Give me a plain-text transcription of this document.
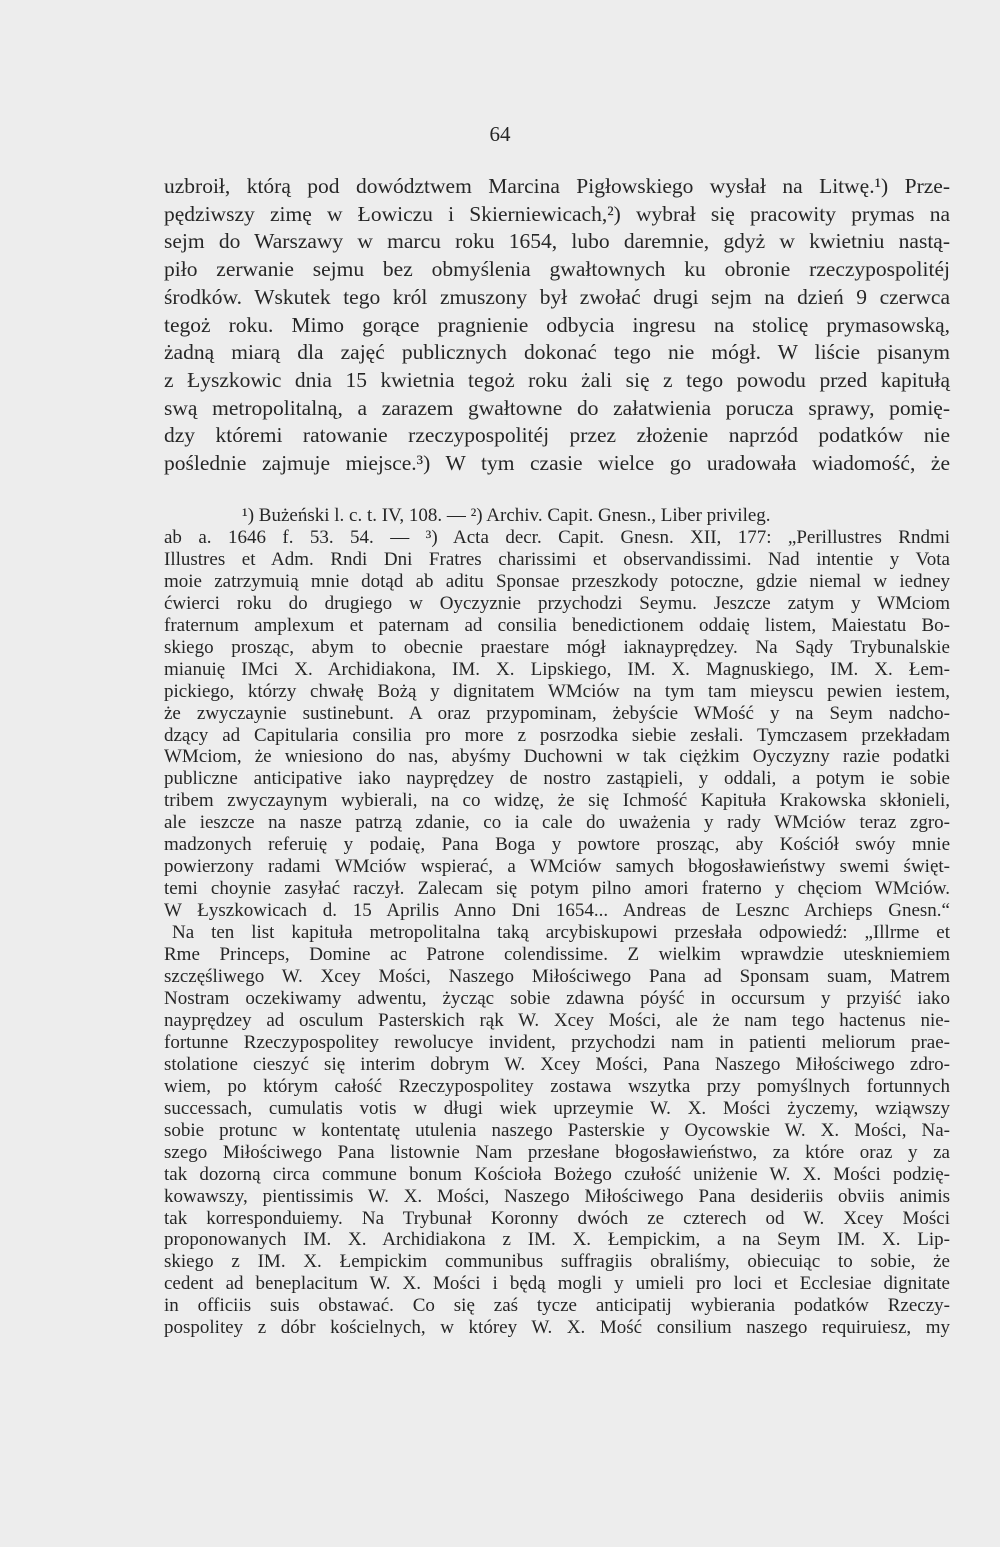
64
uzbroił, którą pod dowództwem Marcina Pigłowskiego wysłał na Litwę.¹) Prze-
pędziwszy zimę w Łowiczu i Skierniewicach,²) wybrał się pracowity prymas na
sejm do Warszawy w marcu roku 1654, lubo daremnie, gdyż w kwietniu nastą-
piło zerwanie sejmu bez obmyślenia gwałtownych ku obronie rzeczypospolitéj
środków. Wskutek tego król zmuszony był zwołać drugi sejm na dzień 9 czerwca
tegoż roku. Mimo gorące pragnienie odbycia ingresu na stolicę prymasowską,
żadną miarą dla zajęć publicznych dokonać tego nie mógł. W liście pisanym
z Łyszkowic dnia 15 kwietnia tegoż roku żali się z tego powodu przed kapitułą
swą metropolitalną, a zarazem gwałtowne do załatwienia porucza sprawy, pomię-
dzy któremi ratowanie rzeczypospolitéj przez złożenie naprzód podatków nie
poślednie zajmuje miejsce.³) W tym czasie wielce go uradowała wiadomość, że
¹) Bużeński l. c. t. IV, 108. — ²) Archiv. Capit. Gnesn., Liber privileg.
ab a. 1646 f. 53. 54. — ³) Acta decr. Capit. Gnesn. XII, 177: „Perillustres Rndmi
Illustres et Adm. Rndi Dni Fratres charissimi et observandissimi. Nad intentie y Vota
moie zatrzymuią mnie dotąd ab aditu Sponsae przeszkody potoczne, gdzie niemal w iedney
ćwierci roku do drugiego w Oyczyznie przychodzi Seymu. Jeszcze zatym y WMciom
fraternum amplexum et paternam ad consilia benedictionem oddaię listem, Maiestatu Bo-
skiego prosząc, abym to obecnie praestare mógł iaknayprędzey. Na Sądy Trybunalskie
mianuię IMci X. Archidiakona, IM. X. Lipskiego, IM. X. Magnuskiego, IM. X. Łem-
pickiego, którzy chwałę Bożą y dignitatem WMciów na tym tam mieyscu pewien iestem,
że zwyczaynie sustinebunt. A oraz przypominam, żebyście WMość y na Seym nadcho-
dzący ad Capitularia consilia pro more z posrzodka siebie zesłali. Tymczasem przekładam
WMciom, że wniesiono do nas, abyśmy Duchowni w tak ciężkim Oyczyzny razie podatki
publiczne anticipative iako nayprędzey de nostro zastąpieli, y oddali, a potym ie sobie
tribem zwyczaynym wybierali, na co widzę, że się Ichmość Kapituła Krakowska skłonieli,
ale ieszcze na nasze patrzą zdanie, co ia cale do uważenia y rady WMciów teraz zgro-
madzonych referuię y podaię, Pana Boga y powtore prosząc, aby Kościół swóy mnie
powierzony radami WMciów wspierać, a WMciów samych błogosławieństwy swemi święt-
temi choynie zasyłać raczył. Zalecam się potym pilno amori fraterno y chęciom WMciów.
W Łyszkowicach d. 15 Aprilis Anno Dni 1654... Andreas de Lesznc Archieps Gnesn.“
Na ten list kapituła metropolitalna taką arcybiskupowi przesłała odpowiedź: „Illrme et
Rme Princeps, Domine ac Patrone colendissime. Z wielkim wprawdzie uteskniemiem
szczęśliwego W. Xcey Mości, Naszego Miłościwego Pana ad Sponsam suam, Matrem
Nostram oczekiwamy adwentu, życząc sobie zdawna póyść in occursum y przyiść iako
nayprędzey ad osculum Pasterskich rąk W. Xcey Mości, ale że nam tego hactenus nie-
fortunne Rzeczypospolitey rewolucye invident, przychodzi nam in patienti meliorum prae-
stolatione cieszyć się interim dobrym W. Xcey Mości, Pana Naszego Miłościwego zdro-
wiem, po którym całość Rzeczypospolitey zostawa wszytka przy pomyślnych fortunnych
successach, cumulatis votis w długi wiek uprzeymie W. X. Mości życzemy, wziąwszy
sobie protunc w kontentatę utulenia naszego Pasterskie y Oycowskie W. X. Mości, Na-
szego Miłościwego Pana listownie Nam przesłane błogosławieństwo, za które oraz y za
tak dozorną circa commune bonum Kościoła Bożego czułość uniżenie W. X. Mości podzię-
kowawszy, pientissimis W. X. Mości, Naszego Miłościwego Pana desideriis obviis animis
tak korresponduiemy. Na Trybunał Koronny dwóch ze czterech od W. Xcey Mości
proponowanych IM. X. Archidiakona z IM. X. Łempickim, a na Seym IM. X. Lip-
skiego z IM. X. Łempickim communibus suffragiis obraliśmy, obiecuiąc to sobie, że
cedent ad beneplacitum W. X. Mości i będą mogli y umieli pro loci et Ecclesiae dignitate
in officiis suis obstawać. Co się zaś tycze anticipatij wybierania podatków Rzeczy-
pospolitey z dóbr kościelnych, w którey W. X. Mość consilium naszego requiruiesz, my
